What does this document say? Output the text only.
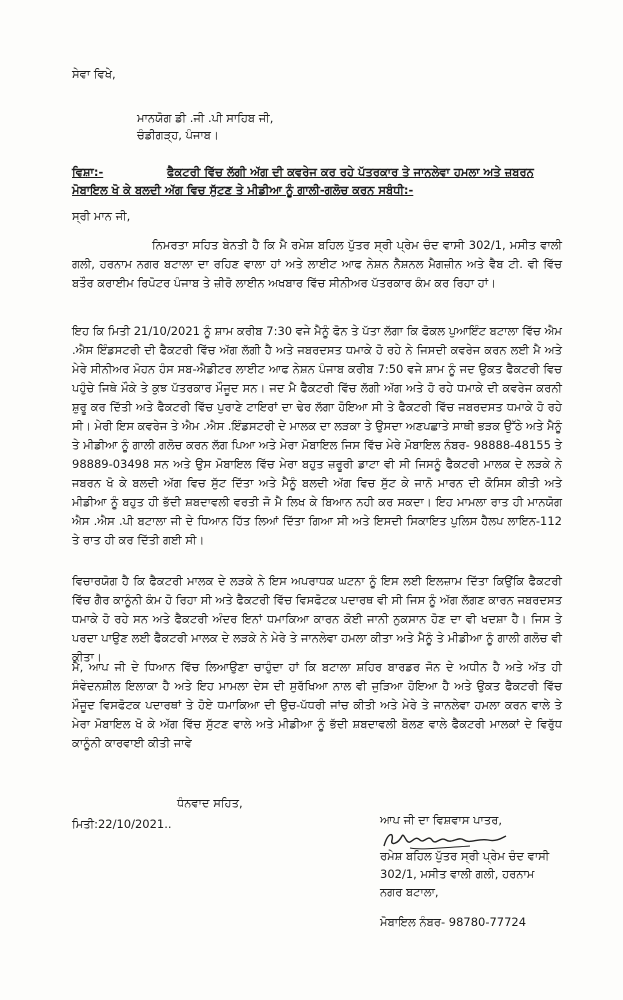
ਸੇਵਾ ਵਿਖੇ,
ਮਾਨਯੋਗ ਡੀ .ਜੀ .ਪੀ ਸਾਹਿਬ ਜੀ,
ਚੰਡੀਗੜ੍ਹ, ਪੰਜਾਬ।
ਵਿਸ਼ਾ:-	ਫੈਕਟਰੀ ਵਿੱਚ ਲੱਗੀ ਅੱਗ ਦੀ ਕਵਰੇਜ ਕਰ ਰਹੇ ਪੱਤਰਕਾਰ ਤੇ ਜਾਨਲੇਵਾ ਹਮਲਾ ਅਤੇ ਜ਼ਬਰਨ
ਮੋਬਾਇਲ ਖੋ ਕੇ ਬਲਦੀ ਅੱਗ ਵਿਚ ਸੁੱਟਣ ਤੇ ਮੀਡੀਆ ਨੂੰ ਗਾਲੀ-ਗਲੋਚ ਕਰਨ ਸਬੰਧੀ:-
ਸ੍ਰੀ ਮਾਨ ਜੀ,
ਨਿਮਰਤਾ ਸਹਿਤ ਬੇਨਤੀ ਹੈ ਕਿ ਮੈ ਰਮੇਸ਼ ਬਹਿਲ ਪੁੱਤਰ ਸ੍ਰੀ ਪ੍ਰੇਮ ਚੰਦ ਵਾਸੀ 302/1, ਮਸੀਤ ਵਾਲੀ ਗਲੀ, ਹਰਨਾਮ ਨਗਰ ਬਟਾਲਾ ਦਾ ਰਹਿਣ ਵਾਲਾ ਹਾਂ ਅਤੇ ਲਾਈਟ ਆਫ ਨੇਸ਼ਨ ਨੈਸ਼ਨਲ ਮੈਗਜ਼ੀਨ ਅਤੇ ਵੈਬ ਟੀ. ਵੀ ਵਿੱਚ ਬਤੌਰ ਕਰਾਈਮ ਰਿਪੋਟਰ ਪੰਜਾਬ ਤੇ ਜ਼ੀਰੋ ਲਾਈਨ ਅਖਬਾਰ ਵਿੱਚ ਸੀਨੀਅਰ ਪੱਤਰਕਾਰ ਕੰਮ ਕਰ ਰਿਹਾ ਹਾਂ।
ਇਹ ਕਿ ਮਿਤੀ 21/10/2021 ਨੂੰ ਸ਼ਾਮ ਕਰੀਬ 7:30 ਵਜੇ ਮੈਨੂੰ ਫੋਨ ਤੇ ਪੱਤਾ ਲੱਗਾ ਕਿ ਫੋਕਲ ਪੁਆਇੰਟ ਬਟਾਲਾ ਵਿੱਚ ਐਮ .ਐਸ ਇੰਡਸਟਰੀ ਦੀ ਫੈਕਟਰੀ ਵਿੱਚ ਅੱਗ ਲੱਗੀ ਹੈ ਅਤੇ ਜਬਰਦਸਤ ਧਮਾਕੇ ਹੋ ਰਹੇ ਨੇ ਜਿਸਦੀ ਕਵਰੇਜ ਕਰਨ ਲਈ ਮੈ ਅਤੇ ਮੇਰੇ ਸੀਨੀਅਰ ਮੋਹਨ ਹੰਸ ਸਬ-ਐਡੀਟਰ ਲਾਈਟ ਆਫ ਨੇਸ਼ਨ ਪੰਜਾਬ ਕਰੀਬ 7:50 ਵਜੇ ਸ਼ਾਮ ਨੂੰ ਜਦ ਉਕਤ ਫੈਕਟਰੀ ਵਿਚ ਪਹੁੰਚੇ ਜਿਥੇ ਮੌਕੇ ਤੇ ਕੁਝ ਪੱਤਰਕਾਰ ਮੌਜੂਦ ਸਨ। ਜਦ ਮੈ ਫੈਕਟਰੀ ਵਿੱਚ ਲੱਗੀ ਅੱਗ ਅਤੇ ਹੋ ਰਹੇ ਧਮਾਕੇ ਦੀ ਕਵਰੇਜ ਕਰਨੀ ਸ਼ੁਰੂ ਕਰ ਦਿੱਤੀ ਅਤੇ ਫੈਕਟਰੀ ਵਿੱਚ ਪੁਰਾਣੇ ਟਾਇਰਾਂ ਦਾ ਢੇਰ ਲੱਗਾ ਹੋਇਆ ਸੀ ਤੇ ਫੈਕਟਰੀ ਵਿੱਚ ਜਬਰਦਸਤ ਧਮਾਕੇ ਹੋ ਰਹੇ ਸੀ। ਮੇਰੀ ਇਸ ਕਵਰੇਜ ਤੇ ਐਮ .ਐਸ .ਇੰਡਸਟਰੀ ਦੇ ਮਾਲਕ ਦਾ ਲੜਕਾ ਤੇ ਉਸਦਾ ਅਣਪਛਾਤੇ ਸਾਥੀ ਭੜਕ ਉੱਠੇ ਅਤੇ ਮੈਨੂੰ ਤੇ ਮੀਡੀਆ ਨੂੰ ਗਾਲੀ ਗਲੋਚ ਕਰਨ ਲੱਗ ਪਿਆ ਅਤੇ ਮੇਰਾ ਮੋਬਾਇਲ ਜਿਸ ਵਿੱਚ ਮੇਰੇ ਮੋਬਾਇਲ ਨੰਬਰ- 98888-48155 ਤੇ 98889-03498 ਸਨ ਅਤੇ ਉਸ ਮੋਬਾਇਲ ਵਿੱਚ ਮੇਰਾ ਬਹੁਤ ਜ਼ਰੂਰੀ ਡਾਟਾ ਵੀ ਸੀ ਜਿਸਨੂੰ ਫੈਕਟਰੀ ਮਾਲਕ ਦੇ ਲੜਕੇ ਨੇ ਜਬਰਨ ਖੋ ਕੇ ਬਲਦੀ ਅੱਗ ਵਿਚ ਸੁੱਟ ਦਿੱਤਾ ਅਤੇ ਮੈਨੂੰ ਬਲਦੀ ਅੱਗ ਵਿਚ ਸੁੱਟ ਕੇ ਜਾਨੋ ਮਾਰਨ ਦੀ ਕੋਸਿਸ ਕੀਤੀ ਅਤੇ ਮੀਡੀਆ ਨੂੰ ਬਹੁਤ ਹੀ ਭੱਦੀ ਸ਼ਬਦਾਵਲੀ ਵਰਤੀ ਜੋ ਮੈ ਲਿਖ ਕੇ ਬਿਆਨ ਨਹੀ ਕਰ ਸਕਦਾ। ਇਹ ਮਾਮਲਾ ਰਾਤ ਹੀ ਮਾਨਯੋਗ ਐਸ .ਐਸ .ਪੀ ਬਟਾਲਾ ਜੀ ਦੇ ਧਿਆਨ ਹਿੱਤ ਲਿਆਂ ਦਿੱਤਾ ਗਿਆ ਸੀ ਅਤੇ ਇਸਦੀ ਸਿਕਾਇਤ ਪੁਲਿਸ ਹੈਲਪ ਲਾਇਨ-112 ਤੇ ਰਾਤ ਹੀ ਕਰ ਦਿੱਤੀ ਗਈ ਸੀ।
ਵਿਚਾਰਯੋਗ ਹੈ ਕਿ ਫੈਕਟਰੀ ਮਾਲਕ ਦੇ ਲੜਕੇ ਨੇ ਇਸ ਅਪਰਾਧਕ ਘਟਨਾ ਨੂੰ ਇਸ ਲਈ ਇਲਜ਼ਾਮ ਦਿੱਤਾ ਕਿਉਂਕਿ ਫੈਕਟਰੀ ਵਿੱਚ ਗੈਰ ਕਾਨੂੰਨੀ ਕੰਮ ਹੋ ਰਿਹਾ ਸੀ ਅਤੇ ਫੈਕਟਰੀ ਵਿੱਚ ਵਿਸਫੋਟਕ ਪਦਾਰਥ ਵੀ ਸੀ ਜਿਸ ਨੂੰ ਅੱਗ ਲੱਗਣ ਕਾਰਨ ਜਬਰਦਸਤ ਧਮਾਕੇ ਹੋ ਰਹੇ ਸਨ ਅਤੇ ਫੈਕਟਰੀ ਅੰਦਰ ਇਨਾਂ ਧਮਾਕਿਆ ਕਾਰਨ ਕੋਈ ਜਾਨੀ ਨੁਕਸਾਨ ਹੋਣ ਦਾ ਵੀ ਖਦਸ਼ਾ ਹੈ। ਜਿਸ ਤੇ ਪਰਦਾ ਪਾਉਣ ਲਈ ਫੈਕਟਰੀ ਮਾਲਕ ਦੇ ਲੜਕੇ ਨੇ ਮੇਰੇ ਤੇ ਜਾਨਲੇਵਾ ਹਮਲਾ ਕੀਤਾ ਅਤੇ ਮੈਨੂੰ ਤੇ ਮੀਡੀਆ ਨੂੰ ਗਾਲੀ ਗਲੋਚ ਵੀ ਕੀਤਾ।
ਮੈ, ਆਪ ਜੀ ਦੇ ਧਿਆਨ ਵਿੱਚ ਲਿਆਉਣਾ ਚਾਹੁੰਦਾ ਹਾਂ ਕਿ ਬਟਾਲਾ ਸ਼ਹਿਰ ਬਾਰਡਰ ਜੋਨ ਦੇ ਅਧੀਨ ਹੈ ਅਤੇ ਅੱਤ ਹੀ ਸੰਵੇਦਨਸ਼ੀਲ ਇਲਾਕਾ ਹੈ ਅਤੇ ਇਹ ਮਾਮਲਾ ਦੇਸ ਦੀ ਸੁਰੱਖਿਆ ਨਾਲ ਵੀ ਜੁੜਿਆ ਹੋਇਆ ਹੈ ਅਤੇ ਉਕਤ ਫੈਕਟਰੀ ਵਿੱਚ ਮੌਜੂਦ ਵਿਸਫੋਟਕ ਪਦਾਰਥਾਂ ਤੇ ਹੋਏ ਧਮਾਕਿਆ ਦੀ ਉਚ-ਪੱਧਰੀ ਜਾਂਚ ਕੀਤੀ ਅਤੇ ਮੇਰੇ ਤੇ ਜਾਨਲੇਵਾ ਹਮਲਾ ਕਰਨ ਵਾਲੇ ਤੇ ਮੇਰਾ ਮੋਬਾਇਲ ਖੋ ਕੇ ਅੱਗ ਵਿੱਚ ਸੁੱਟਣ ਵਾਲੇ ਅਤੇ ਮੀਡੀਆ ਨੂੰ ਭੱਦੀ ਸ਼ਬਦਾਵਲੀ ਬੋਲਣ ਵਾਲੇ ਫੈਕਟਰੀ ਮਾਲਕਾਂ ਦੇ ਵਿਰੁੱਧ ਕਾਨੂੰਨੀ ਕਾਰਵਾਈ ਕੀਤੀ ਜਾਵੇ
ਧੰਨਵਾਦ ਸਹਿਤ,
ਮਿਤੀ:22/10/2021..	ਆਪ ਜੀ ਦਾ ਵਿਸ਼ਵਾਸ ਪਾਤਰ,
ਰਮੇਸ਼ ਬਹਿਲ ਪੁੱਤਰ ਸ੍ਰੀ ਪ੍ਰੇਮ ਚੰਦ ਵਾਸੀ
302/1, ਮਸੀਤ ਵਾਲੀ ਗਲੀ, ਹਰਨਾਮ
ਨਗਰ ਬਟਾਲਾ,
ਮੋਬਾਇਲ ਨੰਬਰ- 98780-77724
